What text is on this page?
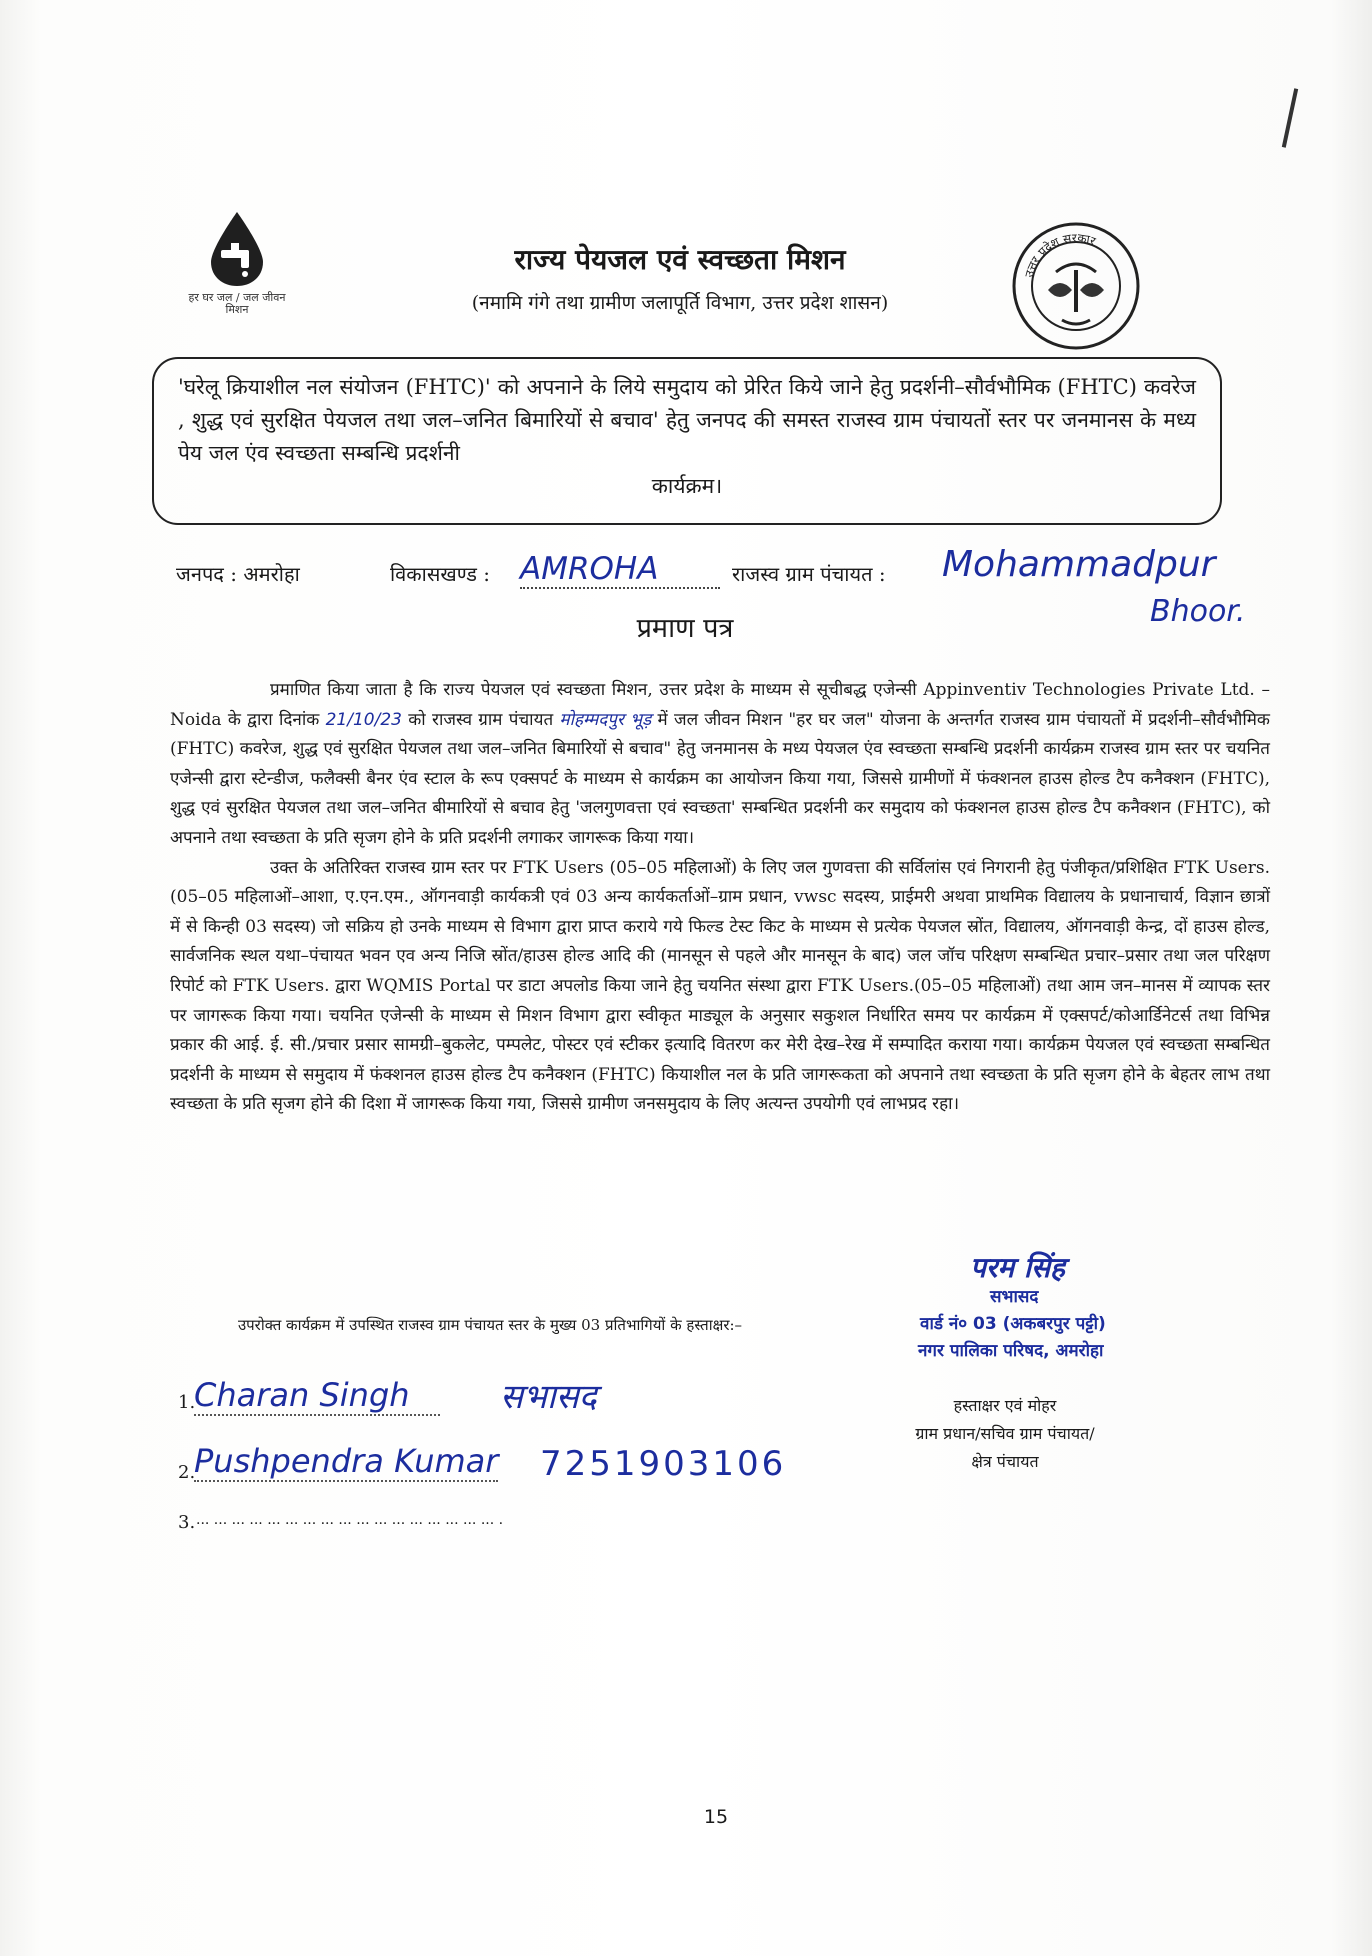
हर घर जल / जल जीवन मिशन
राज्य पेयजल एवं स्वच्छता मिशन
(नमामि गंगे तथा ग्रामीण जलापूर्ति विभाग, उत्तर प्रदेश शासन)
उत्तर प्रदेश सरकार

'घरेलू क्रियाशील नल संयोजन (FHTC)' को अपनाने के लिये समुदाय को प्रेरित किये जाने हेतु प्रदर्शनी–सौर्वभौमिक (FHTC) कवरेज , शुद्ध एवं सुरक्षित पेयजल तथा जल–जनित बिमारियों से बचाव' हेतु जनपद की समस्त राजस्व ग्राम पंचायतों स्तर पर जनमानस के मध्य पेय जल एंव स्वच्छता सम्बन्धि प्रदर्शनी

कार्यक्रम।

जनपद : अमरोहा	विकासखण्ड : AMROHA	राजस्व ग्राम पंचायत : Mohammadpur
Bhoor.
प्रमाण पत्र

प्रमाणित किया जाता है कि राज्य पेयजल एवं स्वच्छता मिशन, उत्तर प्रदेश के माध्यम से सूचीबद्ध एजेन्सी Appinventiv Technologies Private Ltd. – Noida के द्वारा दिनांक 21/10/23 को राजस्व ग्राम पंचायत मोहम्मदपुर भूड़ में जल जीवन मिशन "हर घर जल" योजना के अन्तर्गत राजस्व ग्राम पंचायतों में प्रदर्शनी–सौर्वभौमिक (FHTC) कवरेज, शुद्ध एवं सुरक्षित पेयजल तथा जल–जनित बिमारियों से बचाव" हेतु जनमानस के मध्य पेयजल एंव स्वच्छता सम्बन्धि प्रदर्शनी कार्यक्रम राजस्व ग्राम स्तर पर चयनित एजेन्सी द्वारा स्टेन्डीज, फलैक्सी बैनर एंव स्टाल के रूप एक्सपर्ट के माध्यम से कार्यक्रम का आयोजन किया गया, जिससे ग्रामीणों में फंक्शनल हाउस होल्ड टैप कनैक्शन (FHTC), शुद्ध एवं सुरक्षित पेयजल तथा जल–जनित बीमारियों से बचाव हेतु 'जलगुणवत्ता एवं स्वच्छता' सम्बन्धित प्रदर्शनी कर समुदाय को फंक्शनल हाउस होल्ड टैप कनैक्शन (FHTC), को अपनाने तथा स्वच्छता के प्रति सृजग होने के प्रति प्रदर्शनी लगाकर जागरूक किया गया।

उक्त के अतिरिक्त राजस्व ग्राम स्तर पर FTK Users (05–05 महिलाओं) के लिए जल गुणवत्ता की सर्विलांस एवं निगरानी हेतु पंजीकृत/प्रशिक्षित FTK Users.(05–05 महिलाओं–आशा, ए.एन.एम., ऑगनवाड़ी कार्यकत्री एवं 03 अन्य कार्यकर्ताओं–ग्राम प्रधान, vwsc सदस्य, प्राईमरी अथवा प्राथमिक विद्यालय के प्रधानाचार्य, विज्ञान छात्रों में से किन्ही 03 सदस्य) जो सक्रिय हो उनके माध्यम से विभाग द्वारा प्राप्त कराये गये फिल्ड टेस्ट किट के माध्यम से प्रत्येक पेयजल स्रोंत, विद्यालय, ऑगनवाड़ी केन्द्र, दों हाउस होल्ड, सार्वजनिक स्थल यथा–पंचायत भवन एव अन्य निजि स्रोंत/हाउस होल्ड आदि की (मानसून से पहले और मानसून के बाद) जल जॉच परिक्षण सम्बन्धित प्रचार–प्रसार तथा जल परिक्षण रिपोर्ट को FTK Users. द्वारा WQMIS Portal पर डाटा अपलोड किया जाने हेतु चयनित संस्था द्वारा FTK Users.(05–05 महिलाओं) तथा आम जन–मानस में व्यापक स्तर पर जागरूक किया गया। चयनित एजेन्सी के माध्यम से मिशन विभाग द्वारा स्वीकृत माड्यूल के अनुसार सकुशल निर्धारित समय पर कार्यक्रम में एक्सपर्ट/कोआर्डिनेटर्स तथा विभिन्न प्रकार की आई. ई. सी./प्रचार प्रसार सामग्री–बुकलेट, पम्पलेट, पोस्टर एवं स्टीकर इत्यादि वितरण कर मेरी देख–रेख में सम्पादित कराया गया। कार्यक्रम पेयजल एवं स्वच्छता सम्बन्धित प्रदर्शनी के माध्यम से समुदाय में फंक्शनल हाउस होल्ड टैप कनैक्शन (FHTC) कियाशील नल के प्रति जागरूकता को अपनाने तथा स्वच्छता के प्रति सृजग होने के बेहतर लाभ तथा स्वच्छता के प्रति सृजग होने की दिशा में जागरूक किया गया, जिससे ग्रामीण जनसमुदाय के लिए अत्यन्त उपयोगी एवं लाभप्रद रहा।

परम सिंह
सभासद
वार्ड नं० 03 (अकबरपुर पट्टी)
नगर पालिका परिषद, अमरोहा
उपरोक्त कार्यक्रम में उपस्थित राजस्व ग्राम पंचायत स्तर के मुख्य 03 प्रतिभागियों के हस्ताक्षर:–
1.
Charan Singh	सभासद
2.
Pushpendra Kumar 7251903106
3. ... ... ... ... ... ... ... ... ... ... ... ... ... ... ... ... ... .
हस्ताक्षर एवं मोहर
ग्राम प्रधान/सचिव ग्राम पंचायत/
क्षेत्र पंचायत
15
